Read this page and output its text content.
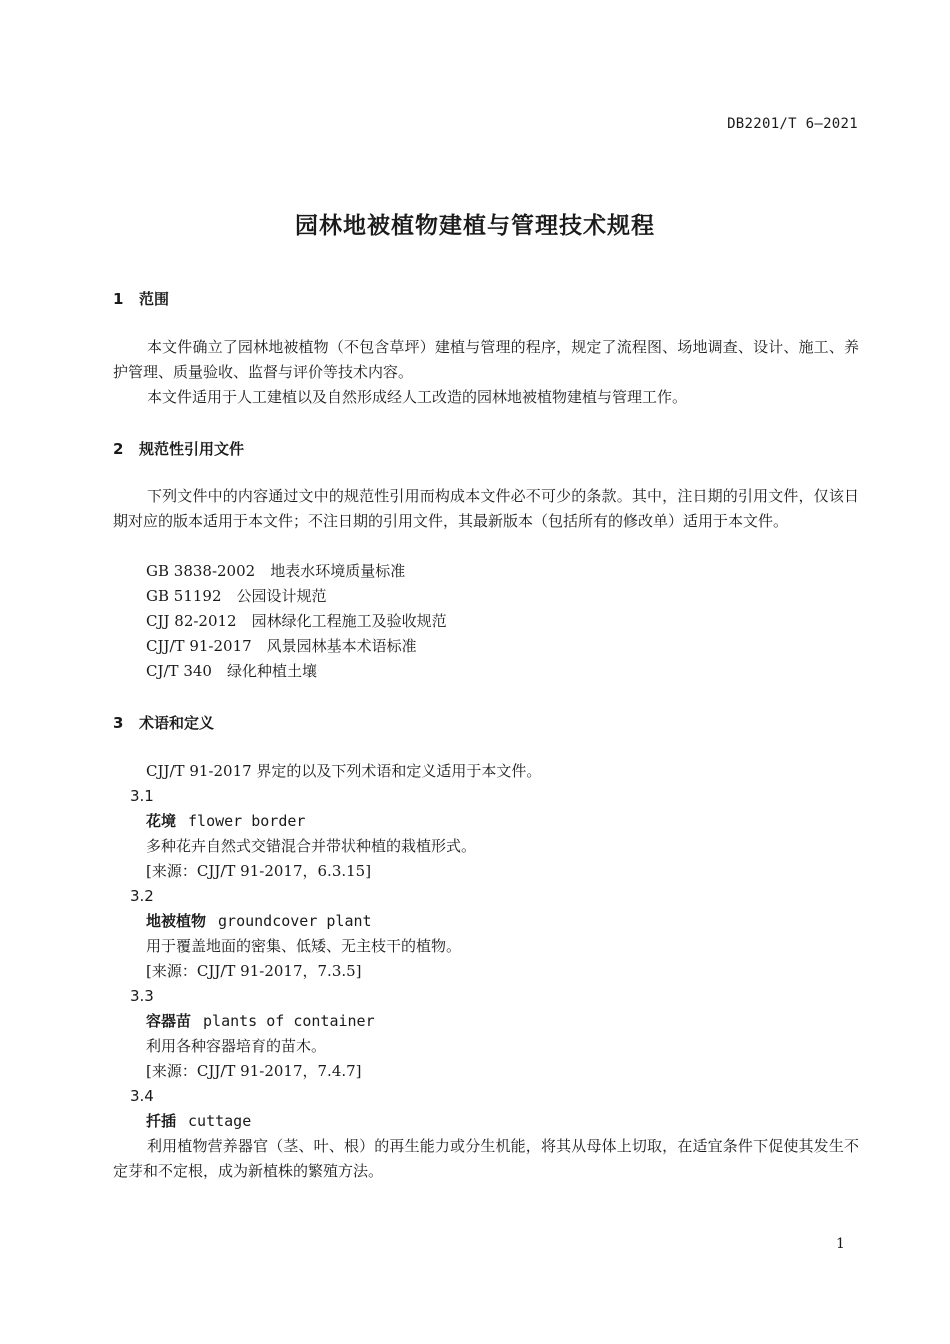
DB2201/T 6—2021
园林地被植物建植与管理技术规程
1 范围
本文件确立了园林地被植物（不包含草坪）建植与管理的程序，规定了流程图、场地调查、设计、施工、养护管理、质量验收、监督与评价等技术内容。
本文件适用于人工建植以及自然形成经人工改造的园林地被植物建植与管理工作。
2 规范性引用文件
下列文件中的内容通过文中的规范性引用而构成本文件必不可少的条款。其中，注日期的引用文件，仅该日期对应的版本适用于本文件；不注日期的引用文件，其最新版本（包括所有的修改单）适用于本文件。
GB 3838-2002　地表水环境质量标准
GB 51192　公园设计规范
CJJ 82-2012　园林绿化工程施工及验收规范
CJJ/T 91-2017　风景园林基本术语标准
CJ/T 340　绿化种植土壤
3 术语和定义
CJJ/T 91-2017 界定的以及下列术语和定义适用于本文件。
3.1
花境 flower border
多种花卉自然式交错混合并带状种植的栽植形式。
[来源：CJJ/T 91-2017，6.3.15]
3.2
地被植物 groundcover plant
用于覆盖地面的密集、低矮、无主枝干的植物。
[来源：CJJ/T 91-2017，7.3.5]
3.3
容器苗 plants of container
利用各种容器培育的苗木。
[来源：CJJ/T 91-2017，7.4.7]
3.4
扦插 cuttage
利用植物营养器官（茎、叶、根）的再生能力或分生机能，将其从母体上切取，在适宜条件下促使其发生不定芽和不定根，成为新植株的繁殖方法。
1
